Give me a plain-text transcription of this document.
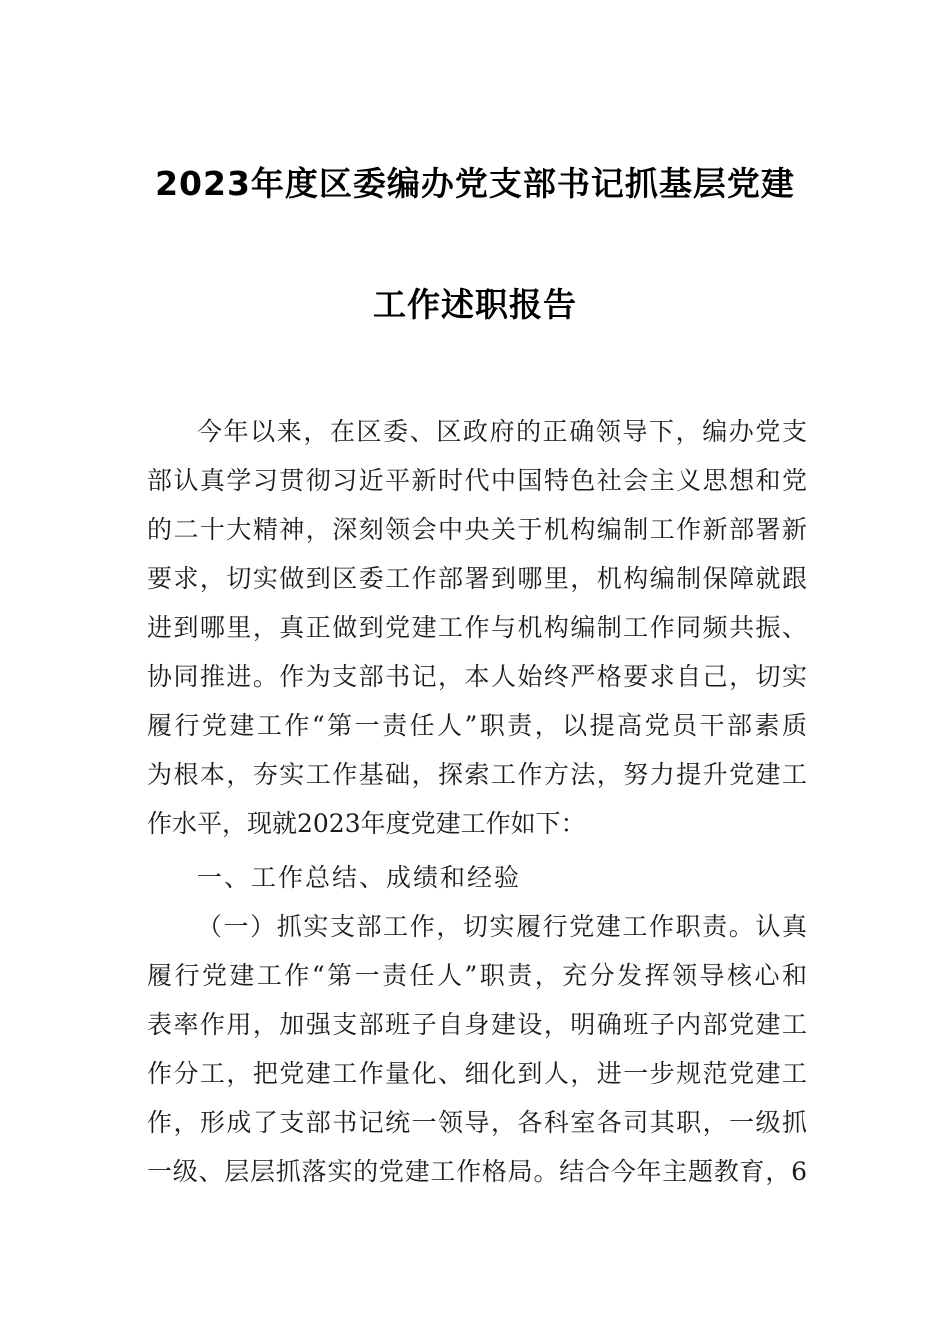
2023年度区委编办党支部书记抓基层党建
工作述职报告
今年以来，在区委、区政府的正确领导下，编办党支
部认真学习贯彻习近平新时代中国特色社会主义思想和党
的二十大精神，深刻领会中央关于机构编制工作新部署新
要求，切实做到区委工作部署到哪里，机构编制保障就跟
进到哪里，真正做到党建工作与机构编制工作同频共振、
协同推进。作为支部书记，本人始终严格要求自己，切实
履行党建工作“第一责任人”职责，以提高党员干部素质
为根本，夯实工作基础，探索工作方法，努力提升党建工
作水平，现就2023年度党建工作如下：
一、工作总结、成绩和经验
（一）抓实支部工作，切实履行党建工作职责。认真
履行党建工作“第一责任人”职责，充分发挥领导核心和
表率作用，加强支部班子自身建设，明确班子内部党建工
作分工，把党建工作量化、细化到人，进一步规范党建工
作，形成了支部书记统一领导，各科室各司其职，一级抓
一级、层层抓落实的党建工作格局。结合今年主题教育，6
